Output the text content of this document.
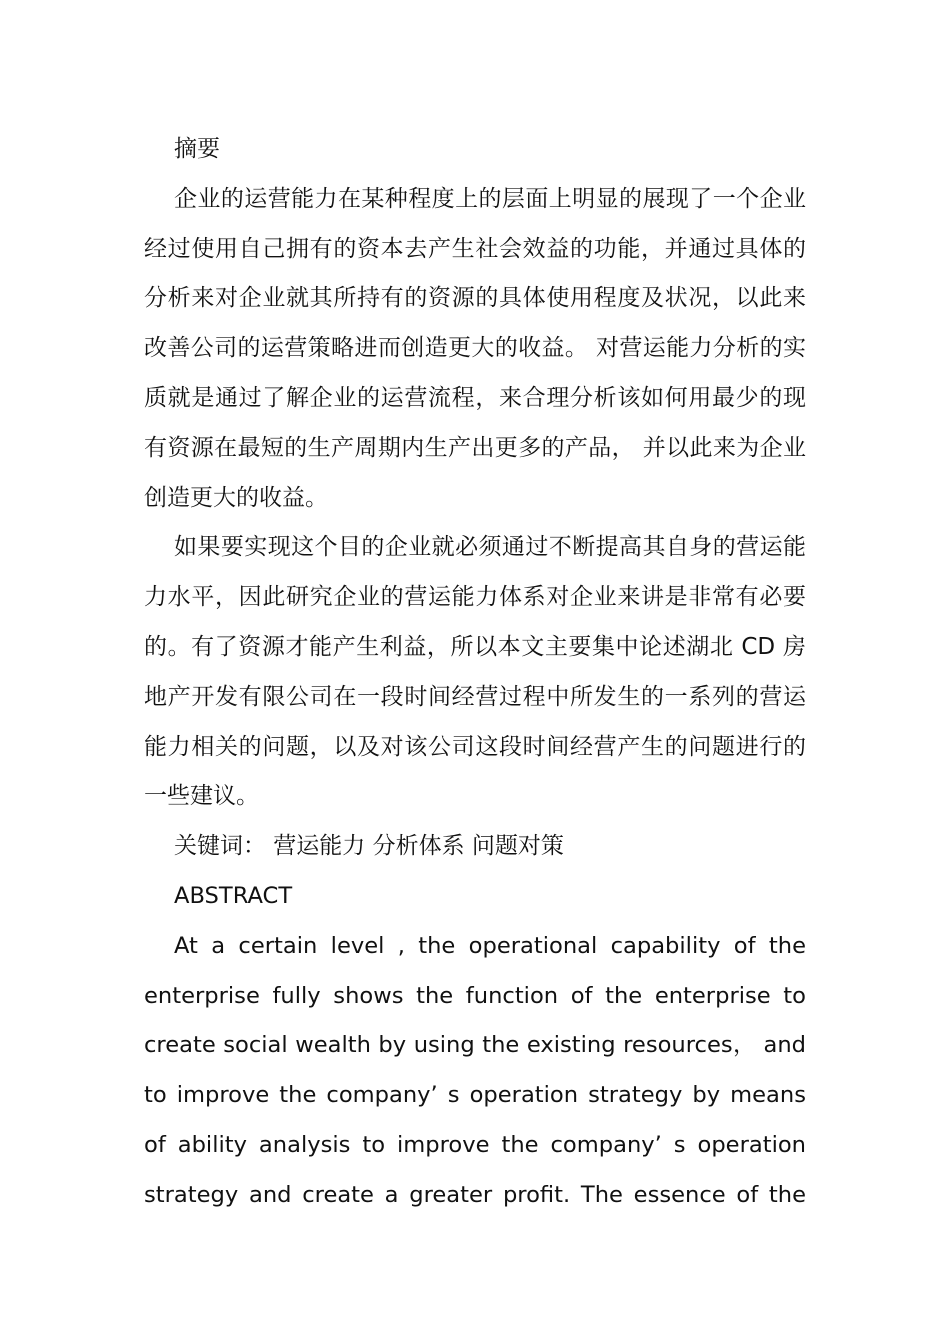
摘要

企业的运营能力在某种程度上的层面上明显的展现了一个企业经过使用自己拥有的资本去产生社会效益的功能，并通过具体的分析来对企业就其所持有的资源的具体使用程度及状况，以此来改善公司的运营策略进而创造更大的收益。 对营运能力分析的实质就是通过了解企业的运营流程，来合理分析该如何用最少的现有资源在最短的生产周期内生产出更多的产品， 并以此来为企业创造更大的收益。

如果要实现这个目的企业就必须通过不断提高其自身的营运能力水平，因此研究企业的营运能力体系对企业来讲是非常有必要的。有了资源才能产生利益，所以本文主要集中论述湖北 CD 房地产开发有限公司在一段时间经营过程中所发生的一系列的营运能力相关的问题，以及对该公司这段时间经营产生的问题进行的一些建议。

关键词： 营运能力 分析体系 问题对策

ABSTRACT

At a certain level , the operational capability of the enterprise fully shows the function of the enterprise to create social wealth by using the existing resources， and to improve the company’ s operation strategy by means of ability analysis to improve the company’ s operation strategy and create a greater profit. The essence of the
